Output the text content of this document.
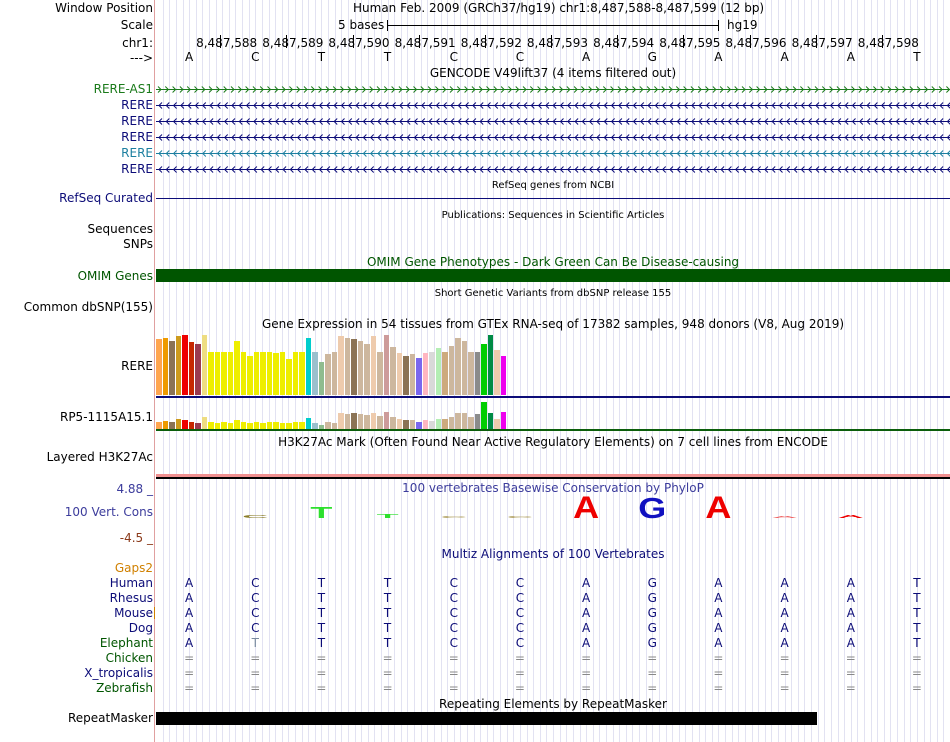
Window Position
Scale
chr1:
--->
Human Feb. 2009 (GRCh37/hg19) chr1:8,487,588-8,487,599 (12 bp)
5 bases	hg19
8,487,588 8,487,589 8,487,590 8,487,591 8,487,592 8,487,593 8,487,594 8,487,595 8,487,596 8,487,597 8,487,598
A	C	T	T	C	C	A	G	A	A	A	T
GENCODE V49lift37 (4 items filtered out)
RERE-AS1
RERE
RERE
RERE
RERE
RERE
RefSeq genes from NCBI
RefSeq Curated
Publications: Sequences in Scientific Articles
Sequences
SNPs
OMIM Gene Phenotypes - Dark Green Can Be Disease-causing
OMIM Genes
Short Genetic Variants from dbSNP release 155
Common dbSNP(155)
Gene Expression in 54 tissues from GTEx RNA-seq of 17382 samples, 948 donors (V8, Aug 2019)
RERE
RP5-1115A15.1
H3K27Ac Mark (Often Found Near Active Regulatory Elements) on 7 cell lines from ENCODE
Layered H3K27Ac
4.88 _	100 vertebrates Basewise Conservation by PhyloP
100 Vert. Cons
-4.5 _
C T T C C A G A A A
Multiz Alignments of 100 Vertebrates
Gaps2
Human	A	C	T	T	C	C	A	G	A	A	A	T
Rhesus	A	C	T	T	C	C	A	G	A	A	A	T
Mouse	A	C	T	T	C	C	A	G	A	A	A	T
Dog	A	C	T	T	C	C	A	G	A	A	A	T
Elephant	A	T	T	T	C	C	A	G	A	A	A	T
Chicken	=	=	=	=	=	=	=	=	=	=	=	=
X_tropicalis	=	=	=	=	=	=	=	=	=	=	=	=
Zebrafish	=	=	=	=	=	=	=	=	=	=	=	=
Repeating Elements by RepeatMasker
RepeatMasker
